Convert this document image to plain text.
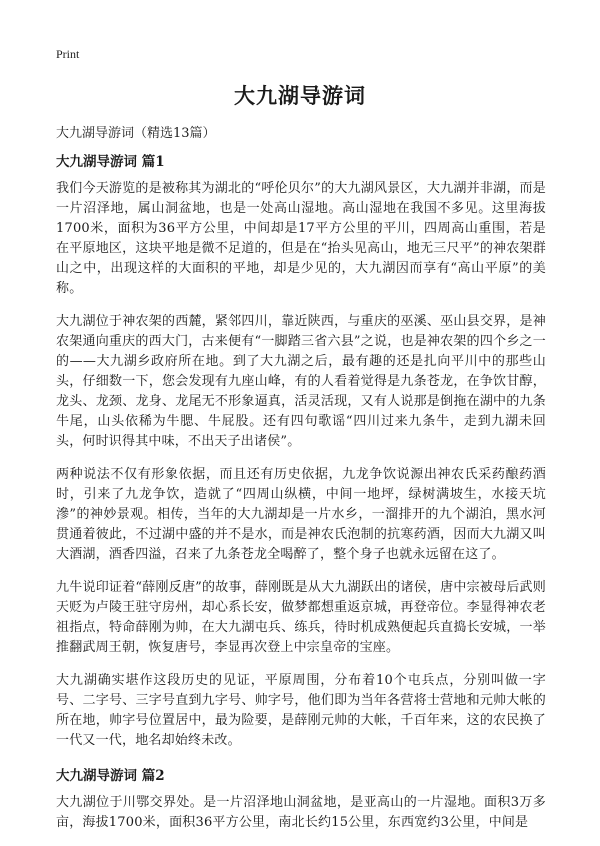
Print
大九湖导游词
大九湖导游词（精选13篇）
大九湖导游词 篇1

我们今天游览的是被称其为湖北的“呼伦贝尔”的大九湖风景区，大九湖并非湖，而是一片沼泽地，属山洞盆地，也是一处高山湿地。高山湿地在我国不多见。这里海拔1700米，面积为36平方公里，中间却是17平方公里的平川，四周高山重围，若是在平原地区，这块平地是微不足道的，但是在“抬头见高山，地无三尺平”的神农架群山之中，出现这样的大面积的平地，却是少见的，大九湖因而享有“高山平原”的美称。

大九湖位于神农架的西麓，紧邻四川，靠近陕西，与重庆的巫溪、巫山县交界，是神农架通向重庆的西大门，古来便有“一脚踏三省六县”之说，也是神农架的四个乡之一的——大九湖乡政府所在地。到了大九湖之后，最有趣的还是扎向平川中的那些山头，仔细数一下，您会发现有九座山峰，有的人看着觉得是九条苍龙，在争饮甘醇，龙头、龙颈、龙身、龙尾无不形象逼真，活灵活现，又有人说那是倒拖在湖中的九条牛尾，山头依稀为牛腮、牛屁股。还有四句歌谣“四川过来九条牛，走到九湖未回头，何时识得其中味，不出天子出诸侯”。

两种说法不仅有形象依据，而且还有历史依据，九龙争饮说源出神农氏采药酿药酒时，引来了九龙争饮，造就了“四周山纵横，中间一地坪，绿树满坡生，水接天坑滲”的神妙景观。相传，当年的大九湖却是一片水乡，一溜排开的九个湖泊，黑水河贯通着彼此，不过湖中盛的并不是水，而是神农氏泡制的抗寒药酒，因而大九湖又叫大酒湖，酒香四溢，召来了九条苍龙全喝醉了，整个身子也就永远留在这了。

九牛说印证着“薛刚反唐”的故事，薛刚既是从大九湖跃出的诸侯，唐中宗被母后武则天贬为卢陵王驻守房州，却心系长安，做梦都想重返京城，再登帝位。李显得神农老祖指点，特命薛刚为帅，在大九湖屯兵、练兵，待时机成熟便起兵直捣长安城，一举推翻武周王朝，恢复唐号，李显再次登上中宗皇帝的宝座。

大九湖确实堪作这段历史的见证，平原周围，分布着10个屯兵点，分别叫做一字号、二字号、三字号直到九字号、帅字号，他们即为当年各营将士营地和元帅大帐的所在地，帅字号位置居中，最为险要，是薛刚元帅的大帐，千百年来，这的农民换了一代又一代，地名却始终未改。

大九湖导游词 篇2

大九湖位于川鄂交界处。是一片沼泽地山洞盆地，是亚高山的一片湿地。面积3万多亩，海拔1700米，面积36平方公里，南北长约15公里，东西宽约3公里，中间是
